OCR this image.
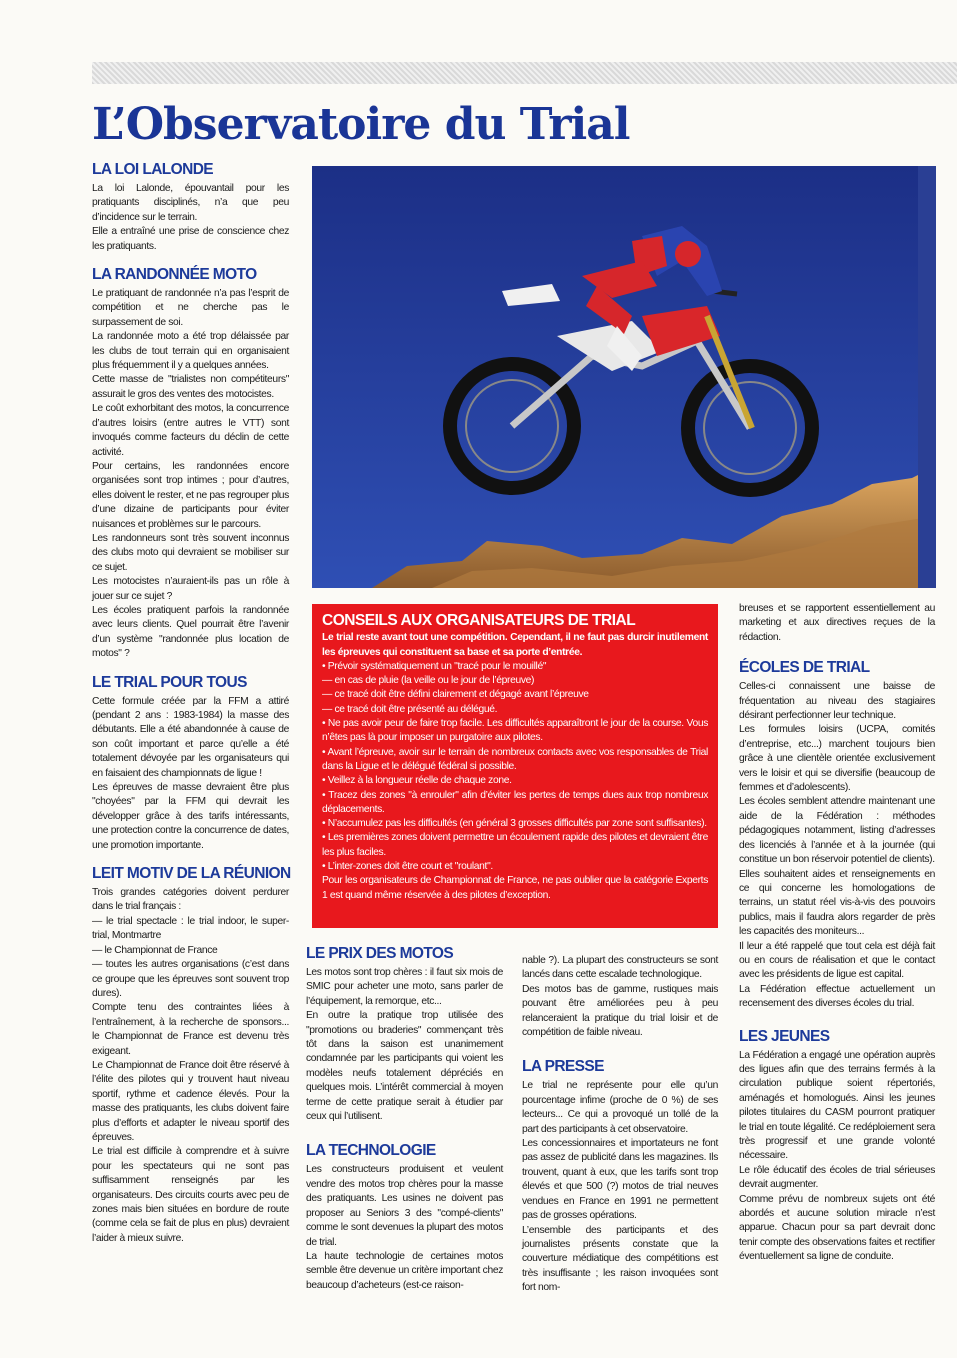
L’Observatoire du Trial
LA LOI LALONDE

La loi Lalonde, épouvantail pour les pratiquants disciplinés, n’a que peu d’incidence sur le terrain.

Elle a entraîné une prise de conscience chez les pratiquants.

LA RANDONNÉE MOTO

Le pratiquant de randonnée n’a pas l’esprit de compétition et ne cherche pas le surpassement de soi.

La randonnée moto a été trop délaissée par les clubs de tout terrain qui en organisaient plus fréquemment il y a quelques années.

Cette masse de "trialistes non compétiteurs" assurait le gros des ventes des motocistes.

Le coût exhorbitant des motos, la concurrence d’autres loisirs (entre autres le VTT) sont invoqués comme facteurs du déclin de cette activité.

Pour certains, les randonnées encore organisées sont trop intimes ; pour d’autres, elles doivent le rester, et ne pas regrouper plus d’une dizaine de participants pour éviter nuisances et problèmes sur le parcours.

Les randonneurs sont très souvent inconnus des clubs moto qui devraient se mobiliser sur ce sujet.

Les motocistes n’auraient-ils pas un rôle à jouer sur ce sujet ?

Les écoles pratiquent parfois la randonnée avec leurs clients. Quel pourrait être l’avenir d’un système "randonnée plus location de motos" ?

LE TRIAL POUR TOUS

Cette formule créée par la FFM a attiré (pendant 2 ans : 1983-1984) la masse des débutants. Elle a été abandonnée à cause de son coût important et parce qu’elle a été totalement dévoyée par les organisateurs qui en faisaient des championnats de ligue !

Les épreuves de masse devraient être plus "choyées" par la FFM qui devrait les développer grâce à des tarifs intéressants, une protection contre la concurrence de dates, une promotion importante.

LEIT MOTIV DE LA RÉUNION

Trois grandes catégories doivent perdurer dans le trial français :

— le trial spectacle : le trial indoor, le super-trial, Montmartre

— le Championnat de France

— toutes les autres organisations (c’est dans ce groupe que les épreuves sont souvent trop dures).

Compte tenu des contraintes liées à l’entraînement, à la recherche de sponsors... le Championnat de France est devenu très exigeant.

Le Championnat de France doit être réservé à l’élite des pilotes qui y trouvent haut niveau sportif, rythme et cadence élevés. Pour la masse des pratiquants, les clubs doivent faire plus d’efforts et adapter le niveau sportif des épreuves.

Le trial est difficile à comprendre et à suivre pour les spectateurs qui ne sont pas suffisamment renseignés par les organisateurs. Des circuits courts avec peu de zones mais bien situées en bordure de route (comme cela se fait de plus en plus) devraient l’aider à mieux suivre.

CONSEILS AUX ORGANISATEURS DE TRIAL

Le trial reste avant tout une compétition. Cependant, il ne faut pas durcir inutilement les épreuves qui constituent sa base et sa porte d’entrée.

• Prévoir systématiquement un "tracé pour le mouillé"

— en cas de pluie (la veille ou le jour de l’épreuve)

— ce tracé doit être défini clairement et dégagé avant l’épreuve

— ce tracé doit être présenté au délégué.

• Ne pas avoir peur de faire trop facile. Les difficultés apparaîtront le jour de la course. Vous n’êtes pas là pour imposer un purgatoire aux pilotes.

• Avant l’épreuve, avoir sur le terrain de nombreux contacts avec vos responsables de Trial dans la Ligue et le délégué fédéral si possible.

• Veillez à la longueur réelle de chaque zone.

• Tracez des zones "à enrouler" afin d’éviter les pertes de temps dues aux trop nombreux déplacements.

• N’accumulez pas les difficultés (en général 3 grosses difficultés par zone sont suffisantes).

• Les premières zones doivent permettre un écoulement rapide des pilotes et devraient être les plus faciles.

• L’inter-zones doit être court et "roulant".

Pour les organisateurs de Championnat de France, ne pas oublier que la catégorie Experts 1 est quand même réservée à des pilotes d’exception.

LE PRIX DES MOTOS

Les motos sont trop chères : il faut six mois de SMIC pour acheter une moto, sans parler de l’équipement, la remorque, etc...

En outre la pratique trop utilisée des "promotions ou braderies" commençant très tôt dans la saison est unanimement condamnée par les participants qui voient les modèles neufs totalement dépréciés en quelques mois. L’intérêt commercial à moyen terme de cette pratique serait à étudier par ceux qui l’utilisent.

LA TECHNOLOGIE

Les constructeurs produisent et veulent vendre des motos trop chères pour la masse des pratiquants. Les usines ne doivent pas proposer au Seniors 3 des "compé-clients" comme le sont devenues la plupart des motos de trial.

La haute technologie de certaines motos semble être devenue un critère important chez beaucoup d’acheteurs (est-ce raison-

nable ?). La plupart des constructeurs se sont lancés dans cette escalade technologique.

Des motos bas de gamme, rustiques mais pouvant être améliorées peu à peu relanceraient la pratique du trial loisir et de compétition de faible niveau.

LA PRESSE

Le trial ne représente pour elle qu’un pourcentage infime (proche de 0 %) de ses lecteurs... Ce qui a provoqué un tollé de la part des participants à cet observatoire.

Les concessionnaires et importateurs ne font pas assez de publicité dans les magazines. Ils trouvent, quant à eux, que les tarifs sont trop élevés et que 500 (?) motos de trial neuves vendues en France en 1991 ne permettent pas de grosses opérations.

L’ensemble des participants et des journalistes présents constate que la couverture médiatique des compétitions est très insuffisante ; les raison invoquées sont fort nom-

breuses et se rapportent essentiellement au marketing et aux directives reçues de la rédaction.

ÉCOLES DE TRIAL

Celles-ci connaissent une baisse de fréquentation au niveau des stagiaires désirant perfectionner leur technique.

Les formules loisirs (UCPA, comités d’entreprise, etc...) marchent toujours bien grâce à une clientèle orientée exclusivement vers le loisir et qui se diversifie (beaucoup de femmes et d’adolescents).

Les écoles semblent attendre maintenant une aide de la Fédération : méthodes pédagogiques notamment, listing d’adresses des licenciés à l’année et à la journée (qui constitue un bon réservoir potentiel de clients).

Elles souhaitent aides et renseignements en ce qui concerne les homologations de terrains, un statut réel vis-à-vis des pouvoirs publics, mais il faudra alors regarder de près les capacités des moniteurs...

Il leur a été rappelé que tout cela est déjà fait ou en cours de réalisation et que le contact avec les présidents de ligue est capital.

La Fédération effectue actuellement un recensement des diverses écoles du trial.

LES JEUNES

La Fédération a engagé une opération auprès des ligues afin que des terrains fermés à la circulation publique soient répertoriés, aménagés et homologués. Ainsi les jeunes pilotes titulaires du CASM pourront pratiquer le trial en toute légalité. Ce redéploiement sera très progressif et une grande volonté nécessaire.

Le rôle éducatif des écoles de trial sérieuses devrait augmenter.

Comme prévu de nombreux sujets ont été abordés et aucune solution miracle n’est apparue. Chacun pour sa part devrait donc tenir compte des observations faites et rectifier éventuellement sa ligne de conduite.
